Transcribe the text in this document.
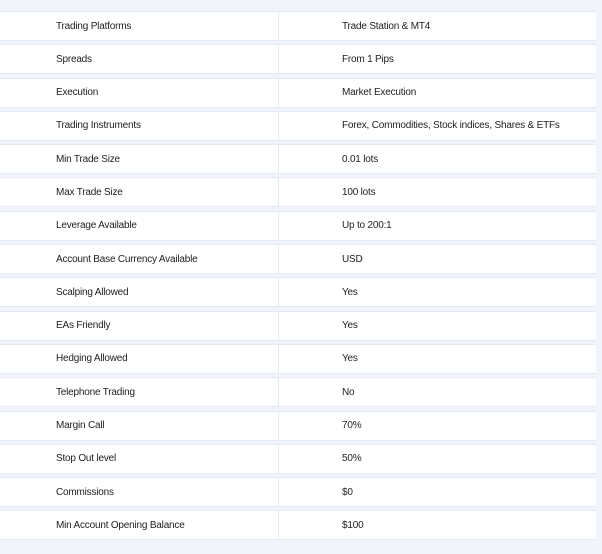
Trading Platforms	Trade Station & MT4
Spreads	From 1 Pips
Execution	Market Execution
Trading Instruments	Forex, Commodities, Stock indices, Shares & ETFs
Min Trade Size	0.01 lots
Max Trade Size	100 lots
Leverage Available	Up to 200:1
Account Base Currency Available	USD
Scalping Allowed	Yes
EAs Friendly	Yes
Hedging Allowed	Yes
Telephone Trading	No
Margin Call	70%
Stop Out level	50%
Commissions	$0
Min Account Opening Balance	$100
